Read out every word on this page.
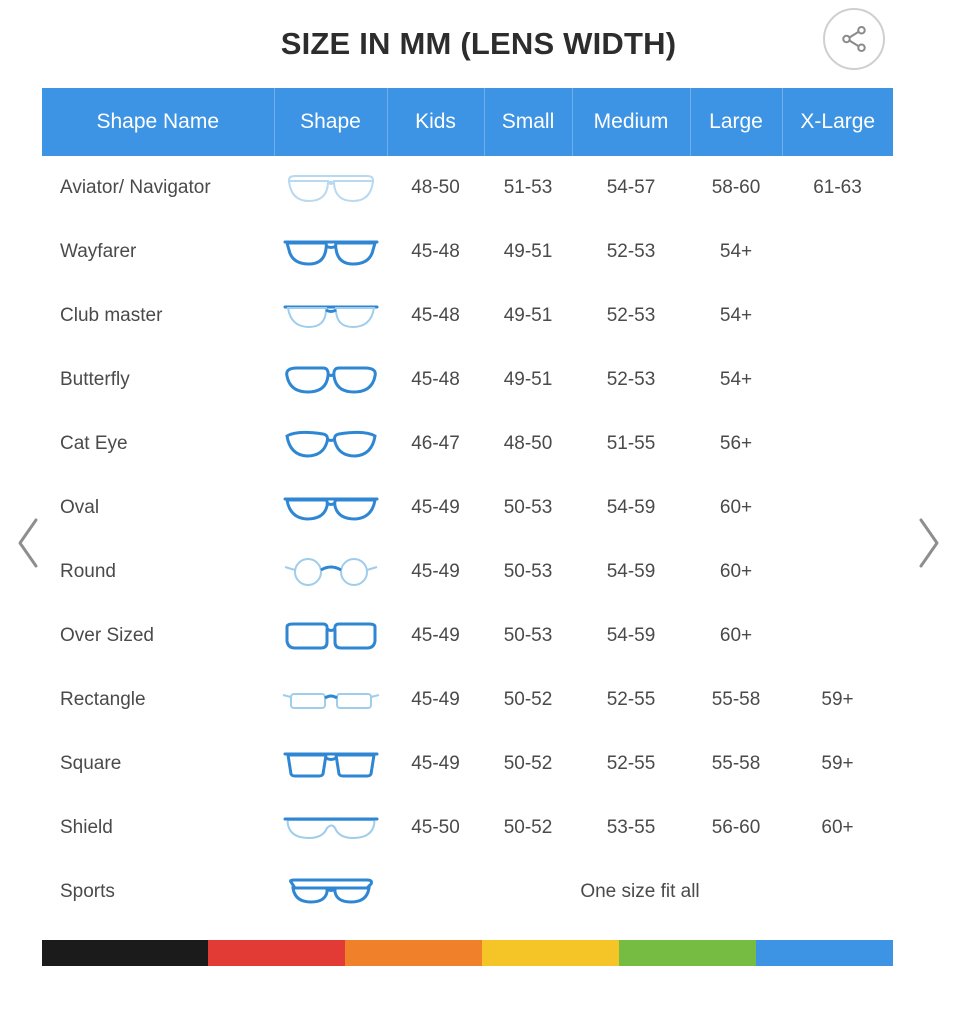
SIZE IN MM (LENS WIDTH)
Shape Name	Shape	Kids	Small	Medium	Large	X-Large
Aviator/ Navigator		48-50	51-53	54-57	58-60	61-63
Wayfarer		45-48	49-51	52-53	54+	
Club master		45-48	49-51	52-53	54+	
Butterfly		45-48	49-51	52-53	54+	
Cat Eye		46-47	48-50	51-55	56+	
Oval		45-49	50-53	54-59	60+	
Round		45-49	50-53	54-59	60+	
Over Sized		45-49	50-53	54-59	60+	
Rectangle		45-49	50-52	52-55	55-58	59+
Square		45-49	50-52	52-55	55-58	59+
Shield		45-50	50-52	53-55	56-60	60+
Sports		One size fit all				
